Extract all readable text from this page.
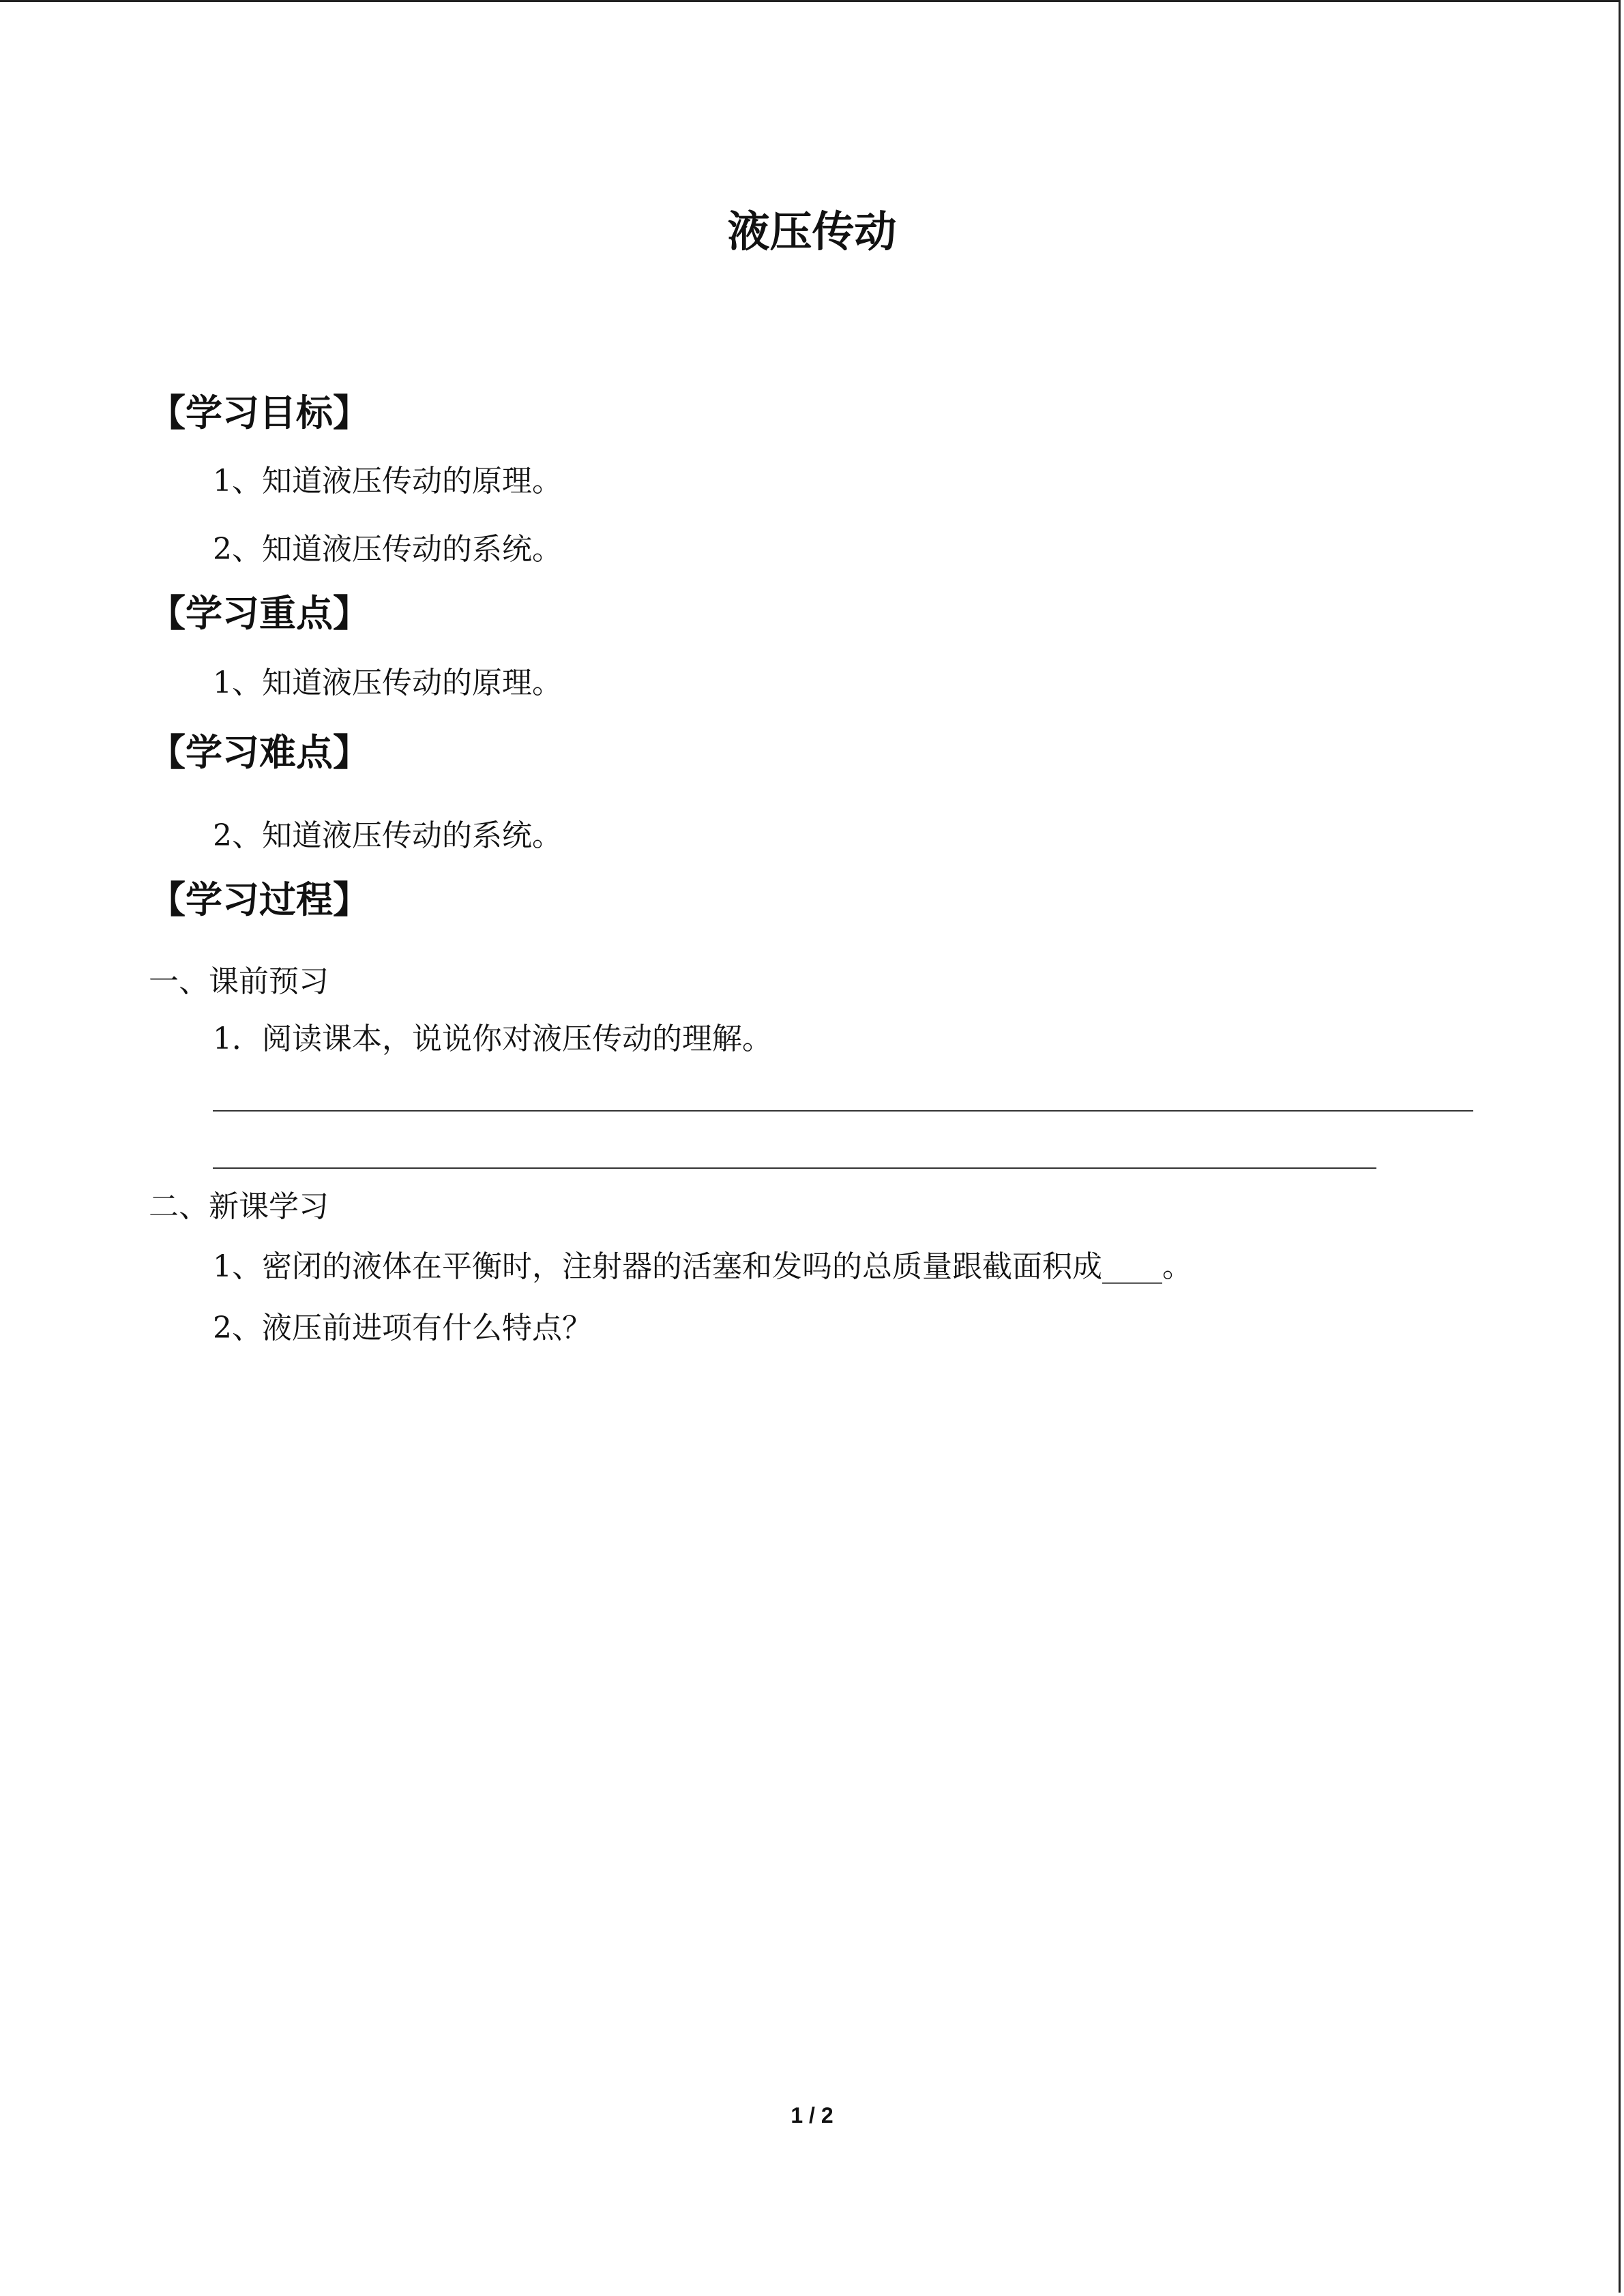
液压传动
【学习目标】
1、知道液压传动的原理。
2、知道液压传动的系统。
【学习重点】
1、知道液压传动的原理。
【学习难点】
2、知道液压传动的系统。
【学习过程】
一、课前预习
1．阅读课本，说说你对液压传动的理解。
二、新课学习
1、密闭的液体在平衡时，注射器的活塞和发吗的总质量跟截面积成____。
2、液压前进项有什么特点？
1 / 2
